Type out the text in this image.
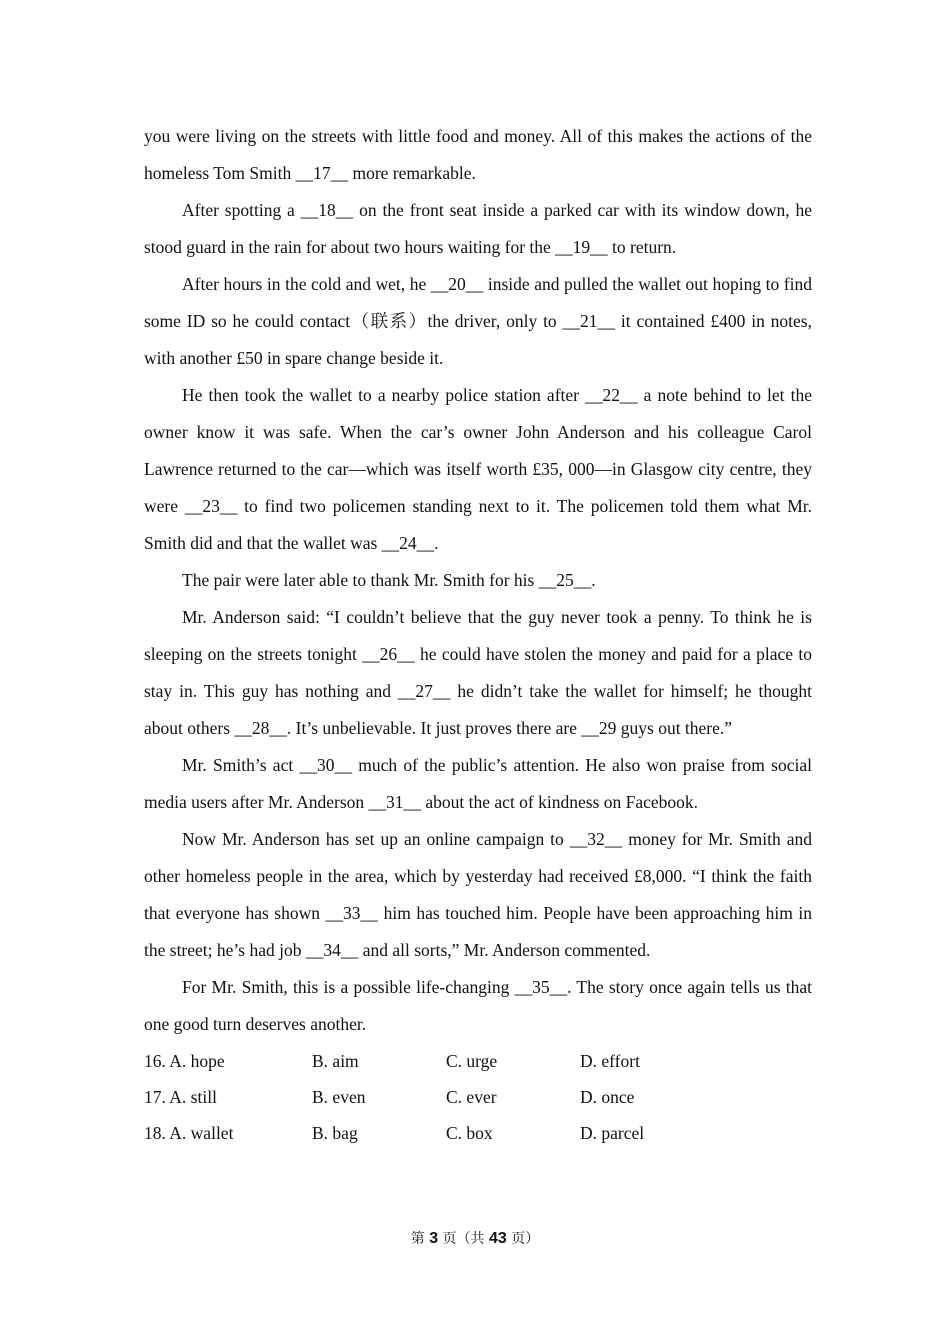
you were living on the streets with little food and money. All of this makes the actions of the homeless Tom Smith __17__ more remarkable.

After spotting a __18__ on the front seat inside a parked car with its window down, he stood guard in the rain for about two hours waiting for the __19__ to return.

After hours in the cold and wet, he __20__ inside and pulled the wallet out hoping to find some ID so he could contact（联系）the driver, only to __21__ it contained £400 in notes, with another £50 in spare change beside it.

He then took the wallet to a nearby police station after __22__ a note behind to let the owner know it was safe. When the car’s owner John Anderson and his colleague Carol Lawrence returned to the car—which was itself worth £35, 000—in Glasgow city centre, they were __23__ to find two policemen standing next to it. The policemen told them what Mr. Smith did and that the wallet was __24__.

The pair were later able to thank Mr. Smith for his __25__.

Mr. Anderson said: “I couldn’t believe that the guy never took a penny. To think he is sleeping on the streets tonight __26__ he could have stolen the money and paid for a place to stay in. This guy has nothing and __27__ he didn’t take the wallet for himself; he thought about others __28__. It’s unbelievable. It just proves there are __29 guys out there.”

Mr. Smith’s act __30__ much of the public’s attention. He also won praise from social media users after Mr. Anderson __31__ about the act of kindness on Facebook.

Now Mr. Anderson has set up an online campaign to __32__ money for Mr. Smith and other homeless people in the area, which by yesterday had received £8,000. “I think the faith that everyone has shown __33__ him has touched him. People have been approaching him in the street; he’s had job __34__ and all sorts,” Mr. Anderson commented.

For Mr. Smith, this is a possible life-changing __35__. The story once again tells us that one good turn deserves another.

16. A. hope	B. aim	C. urge	D. effort
17. A. still	B. even	C. ever	D. once
18. A. wallet	B. bag	C. box	D. parcel
第 3 页（共 43 页）
